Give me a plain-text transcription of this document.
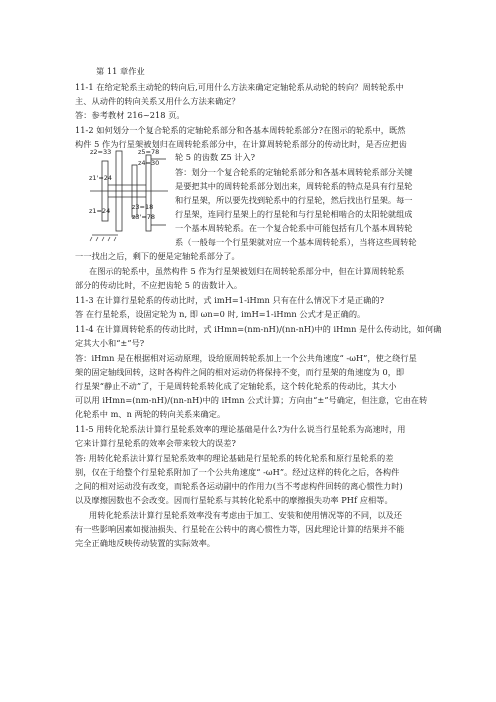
第 11 章作业
11-1 在给定轮系主动轮的转向后,可用什么方法来确定定轴轮系从动轮的转向？周转轮系中
主、从动件的转向关系又用什么方法来确定？
答：参考教材 216~218 页。
11-2 如何划分一个复合轮系的定轴轮系部分和各基本周转轮系部分?在图示的轮系中，既然
构件 5 作为行星架被划归在周转轮系部分中，在计算周转轮系部分的传动比时，是否应把齿
轮 5 的齿数 Z5 计入?
z2=33	z5=78
z4=30
z1'=24
z1=24	z3=18
z3'=78
答：划分一个复合轮系的定轴轮系部分和各基本周转轮系部分关键
是要把其中的周转轮系部分划出来，周转轮系的特点是具有行星轮
和行星架，所以要先找到轮系中的行星轮，然后找出行星架。每一
行星架，连同行星架上的行星轮和与行星轮相啮合的太阳轮就组成
一个基本周转轮系。在一个复合轮系中可能包括有几个基本周转轮
系（一般每一个行星架就对应一个基本周转轮系），当将这些周转轮
一一找出之后，剩下的便是定轴轮系部分了。
在图示的轮系中，虽然构件 5 作为行星架被划归在周转轮系部分中，但在计算周转轮系
部分的传动比时，不应把齿轮 5 的齿数计入。
11-3 在计算行星轮系的传动比时，式 imH=1-iHmn 只有在什么情况下才是正确的?
答 在行星轮系，设固定轮为 n, 即 ωn=0 时, imH=1-iHmn 公式才是正确的。
11-4 在计算周转轮系的传动比时，式 iHmn=(nm-nH)/(nn-nH)中的 iHmn 是什么传动比，如何确
定其大小和“±”号?
答：iHmn 是在根据相对运动原理，设给原周转轮系加上一个公共角速度“ -ωH”，使之绕行星
架的固定轴线回转，这时各构件之间的相对运动仍将保持不变，而行星架的角速度为 0，即
行星架“静止不动”了，于是周转轮系转化成了定轴轮系，这个转化轮系的传动比，其大小
可以用 iHmn=(nm-nH)/(nn-nH)中的 iHmn 公式计算；方向由“±”号确定，但注意，它由在转
化轮系中 m、n 两轮的转向关系来确定。
11-5 用转化轮系法计算行星轮系效率的理论基础是什么?为什么说当行星轮系为高速时，用
它来计算行星轮系的效率会带来较大的误差?
答: 用转化轮系法计算行星轮系效率的理论基础是行星轮系的转化轮系和原行星轮系的差
别，仅在于给整个行星轮系附加了一个公共角速度“ -ωH”。经过这样的转化之后，各构件
之间的相对运动没有改变，而轮系各运动副中的作用力(当不考虑构件回转的离心惯性力时)
以及摩擦因数也不会改变。因而行星轮系与其转化轮系中的摩擦损失功率 PHf 应相等。
用转化轮系法计算行星轮系效率没有考虑由于加工、安装和使用情况等的不同，以及还
有一些影响因素如搅油损失、行星轮在公转中的离心惯性力等，因此理论计算的结果并不能
完全正确地反映传动装置的实际效率。
